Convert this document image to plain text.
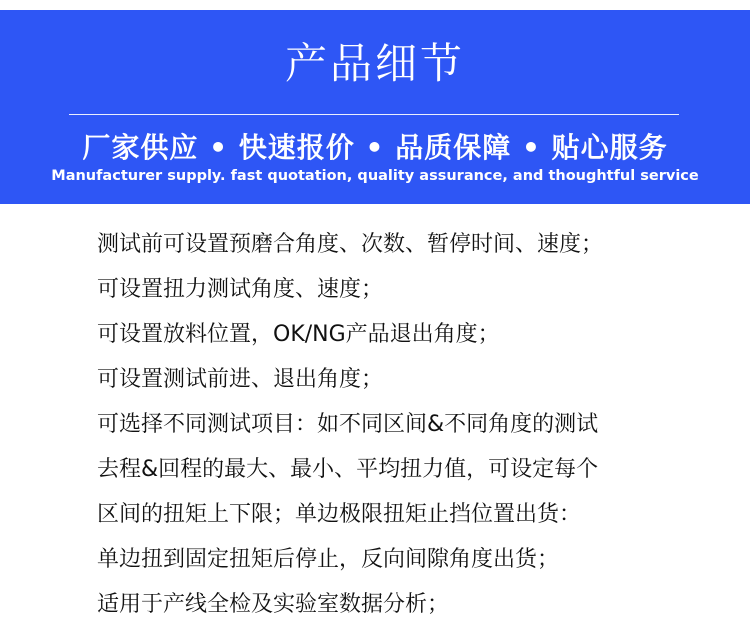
产品细节
厂家供应 • 快速报价 • 品质保障 • 贴心服务
Manufacturer supply. fast quotation, quality assurance, and thoughtful service
测试前可设置预磨合角度、次数、暂停时间、速度；
可设置扭力测试角度、速度；
可设置放料位置，OK/NG产品退出角度；
可设置测试前进、退出角度；
可选择不同测试项目：如不同区间&不同角度的测试
去程&回程的最大、最小、平均扭力值，可设定每个
区间的扭矩上下限；单边极限扭矩止挡位置出货：
单边扭到固定扭矩后停止，反向间隙角度出货；
适用于产线全检及实验室数据分析；
